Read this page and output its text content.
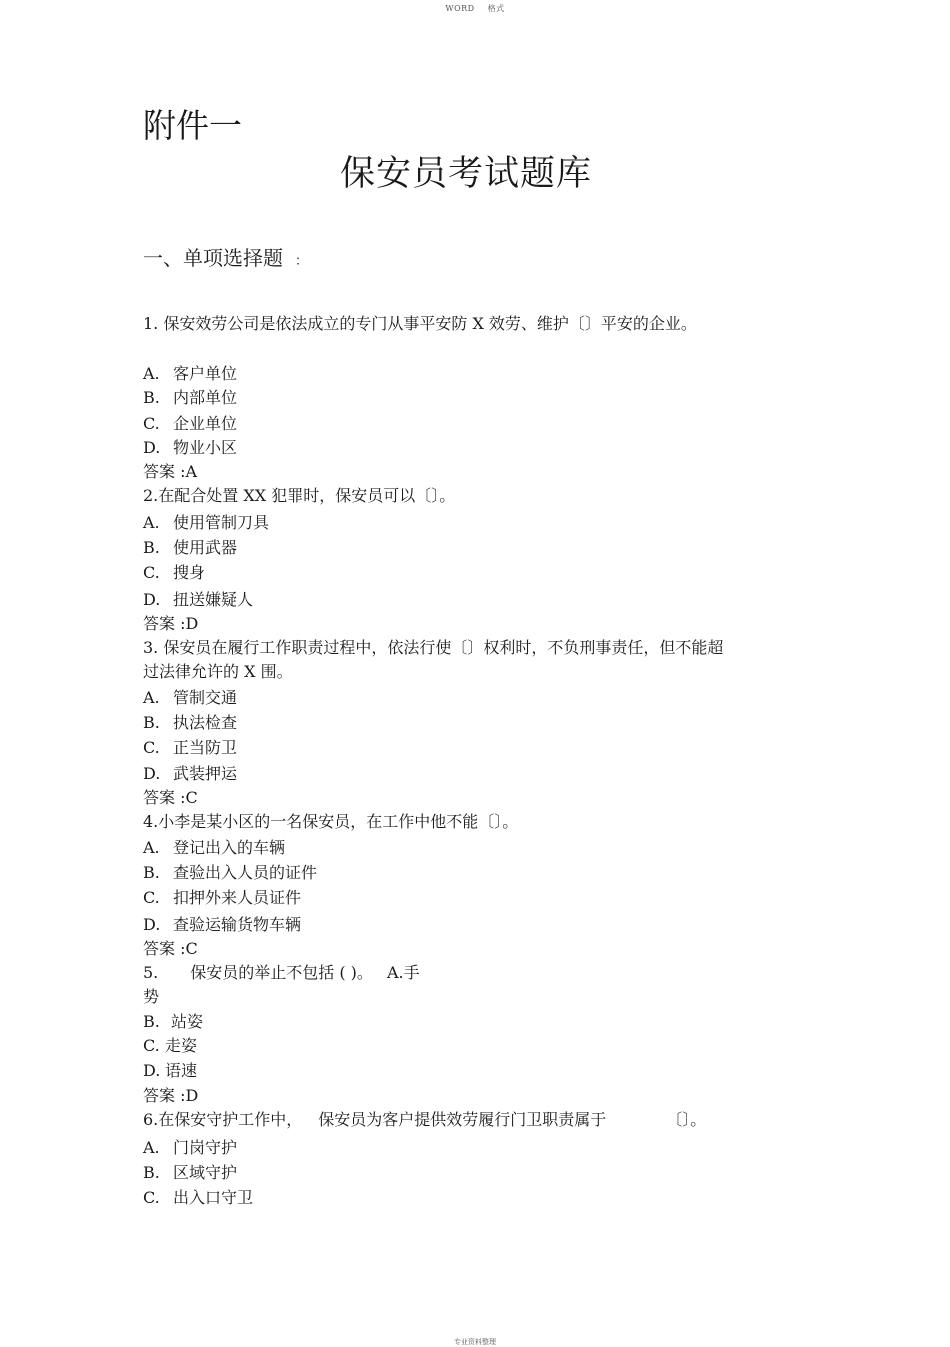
WORD 格式
附件一
保安员考试题库
一、单项选择题 ：
1. 保安效劳公司是依法成立的专门从事平安防 X 效劳、维护〔〕平安的企业。
A. 客户单位
B. 内部单位
C. 企业单位
D. 物业小区
答案 :A
2.在配合处置 XX 犯罪时，保安员可以〔〕。
A. 使用管制刀具
B. 使用武器
C. 搜身
D. 扭送嫌疑人
答案 :D
3. 保安员在履行工作职责过程中，依法行使〔〕权利时，不负刑事责任，但不能超
过法律允许的 X 围。
A. 管制交通
B. 执法检查
C. 正当防卫
D. 武装押运
答案 :C
4.小李是某小区的一名保安员，在工作中他不能〔〕。
A. 登记出入的车辆
B. 查验出入人员的证件
C. 扣押外来人员证件
D. 查验运输货物车辆
答案 :C
5. 保安员的举止不包括 ( )。 A.手
势
B. 站姿
C. 走姿
D. 语速
答案 :D
6.在保安守护工作中， 保安员为客户提供效劳履行门卫职责属于	〔〕。
A. 门岗守护
B. 区域守护
C. 出入口守卫
专业资料整理
